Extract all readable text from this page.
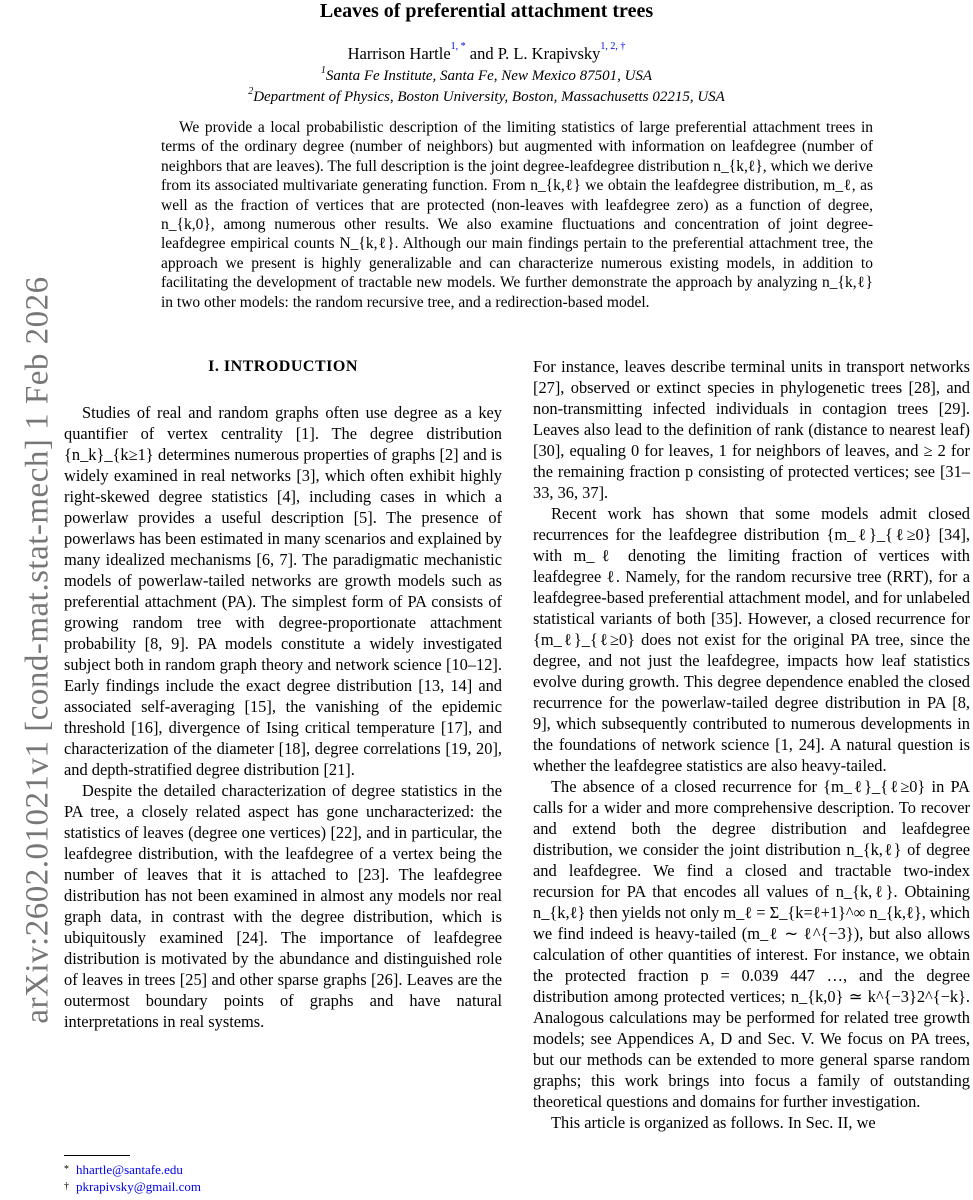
arXiv:2602.01021v1 [cond-mat.stat-mech] 1 Feb 2026
Leaves of preferential attachment trees
Harrison Hartle$^{1, *}$ and P. L. Krapivsky$^{1, 2, \dagger}$
$^1$Santa Fe Institute, Santa Fe, New Mexico 87501, USA
$^2$Department of Physics, Boston University, Boston, Massachusetts 02215, USA

We provide a local probabilistic description of the limiting statistics of large preferential attachment trees in terms of the ordinary degree (number of neighbors) but augmented with information on leafdegree (number of neighbors that are leaves). The full description is the joint degree-leafdegree distribution n_{k,ℓ}, which we derive from its associated multivariate generating function. From n_{k,ℓ} we obtain the leafdegree distribution, m_ℓ, as well as the fraction of vertices that are protected (non-leaves with leafdegree zero) as a function of degree, n_{k,0}, among numerous other results. We also examine fluctuations and concentration of joint degree-leafdegree empirical counts N_{k,ℓ}. Although our main findings pertain to the preferential attachment tree, the approach we present is highly generalizable and can characterize numerous existing models, in addition to facilitating the development of tractable new models. We further demonstrate the approach by analyzing n_{k,ℓ} in two other models: the random recursive tree, and a redirection-based model.

I. INTRODUCTION

Studies of real and random graphs often use degree as a key quantifier of vertex centrality [1]. The degree distribution {n_k}_{k≥1} determines numerous properties of graphs [2] and is widely examined in real networks [3], which often exhibit highly right-skewed degree statistics [4], including cases in which a powerlaw provides a useful description [5]. The presence of powerlaws has been estimated in many scenarios and explained by many idealized mechanisms [6, 7]. The paradigmatic mechanistic models of powerlaw-tailed networks are growth models such as preferential attachment (PA). The simplest form of PA consists of growing random tree with degree-proportionate attachment probability [8, 9]. PA models constitute a widely investigated subject both in random graph theory and network science [10–12]. Early findings include the exact degree distribution [13, 14] and associated self-averaging [15], the vanishing of the epidemic threshold [16], divergence of Ising critical temperature [17], and characterization of the diameter [18], degree correlations [19, 20], and depth-stratified degree distribution [21].

Despite the detailed characterization of degree statistics in the PA tree, a closely related aspect has gone uncharacterized: the statistics of leaves (degree one vertices) [22], and in particular, the leafdegree distribution, with the leafdegree of a vertex being the number of leaves that it is attached to [23]. The leafdegree distribution has not been examined in almost any models nor real graph data, in contrast with the degree distribution, which is ubiquitously examined [24]. The importance of leafdegree distribution is motivated by the abundance and distinguished role of leaves in trees [25] and other sparse graphs [26]. Leaves are the outermost boundary points of graphs and have natural interpretations in real systems.

For instance, leaves describe terminal units in transport networks [27], observed or extinct species in phylogenetic trees [28], and non-transmitting infected individuals in contagion trees [29]. Leaves also lead to the definition of rank (distance to nearest leaf) [30], equaling 0 for leaves, 1 for neighbors of leaves, and ≥ 2 for the remaining fraction p consisting of protected vertices; see [31–33, 36, 37].

Recent work has shown that some models admit closed recurrences for the leafdegree distribution {m_ℓ}_{ℓ≥0} [34], with m_ℓ denoting the limiting fraction of vertices with leafdegree ℓ. Namely, for the random recursive tree (RRT), for a leafdegree-based preferential attachment model, and for unlabeled statistical variants of both [35]. However, a closed recurrence for {m_ℓ}_{ℓ≥0} does not exist for the original PA tree, since the degree, and not just the leafdegree, impacts how leaf statistics evolve during growth. This degree dependence enabled the closed recurrence for the powerlaw-tailed degree distribution in PA [8, 9], which subsequently contributed to numerous developments in the foundations of network science [1, 24]. A natural question is whether the leafdegree statistics are also heavy-tailed.

The absence of a closed recurrence for {m_ℓ}_{ℓ≥0} in PA calls for a wider and more comprehensive description. To recover and extend both the degree distribution and leafdegree distribution, we consider the joint distribution n_{k,ℓ} of degree and leafdegree. We find a closed and tractable two-index recursion for PA that encodes all values of n_{k,ℓ}. Obtaining n_{k,ℓ} then yields not only m_ℓ = Σ_{k=ℓ+1}^∞ n_{k,ℓ}, which we find indeed is heavy-tailed (m_ℓ ∼ ℓ^{−3}), but also allows calculation of other quantities of interest. For instance, we obtain the protected fraction p = 0.039 447 …, and the degree distribution among protected vertices; n_{k,0} ≃ k^{−3}2^{−k}. Analogous calculations may be performed for related tree growth models; see Appendices A, D and Sec. V. We focus on PA trees, but our methods can be extended to more general sparse random graphs; this work brings into focus a family of outstanding theoretical questions and domains for further investigation.

This article is organized as follows. In Sec. II, we

* hhartle@santafe.edu
† pkrapivsky@gmail.com
